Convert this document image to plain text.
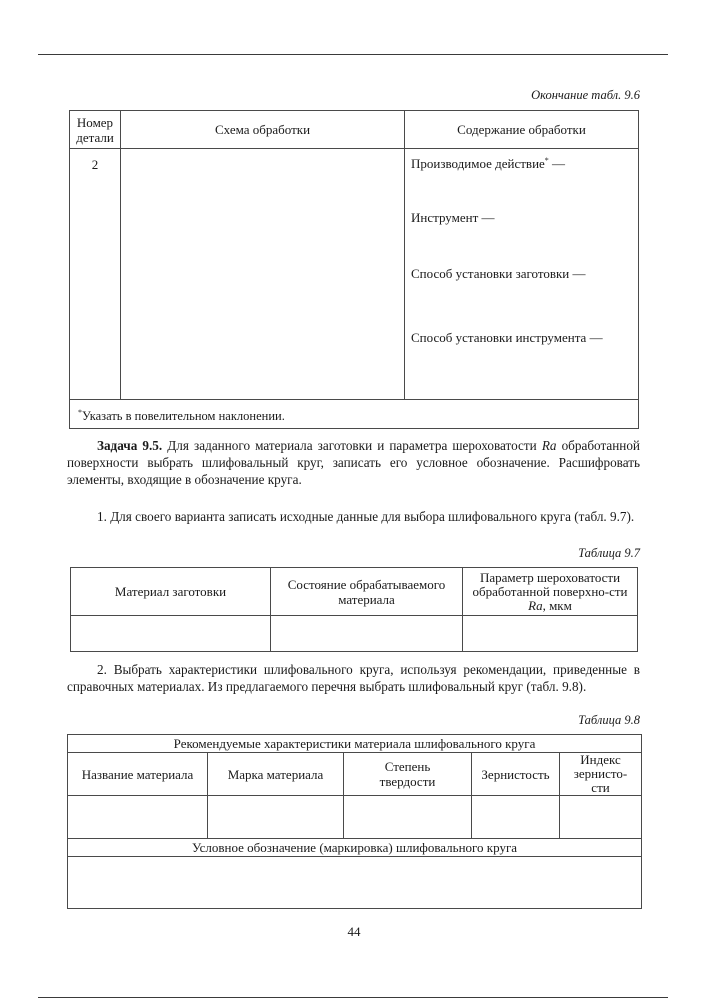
Окончание табл. 9.6
Номер
детали	Схема обработки	Содержание обработки
2		Производимое действие* —
Инструмент —
Способ установки заготовки —
Способ установки инструмента —

*Указать в повелительном наклонении.		
Задача 9.5. Для заданного материала заготовки и параметра шероховатости Ra обработанной поверхности выбрать шлифовальный круг, записать его условное обозначение. Расшифровать элементы, входящие в обозначение круга.
1. Для своего варианта записать исходные данные для выбора шлифовального круга (табл. 9.7).
Таблица 9.7
Материал заготовки	Состояние обрабатываемого материала	Параметр шероховатости обработанной поверхно-сти Ra, мкм

2. Выбрать характеристики шлифовального круга, используя рекомендации, приведенные в справочных материалах. Из предлагаемого перечня выбрать шлифовальный круг (табл. 9.8).
Таблица 9.8
Рекомендуемые характеристики материала шлифовального круга				
Название материала	Марка материала	Степень твердости	Зернистость	Индекс зернисто-сти

Условное обозначение (маркировка) шлифовального круга				

44
